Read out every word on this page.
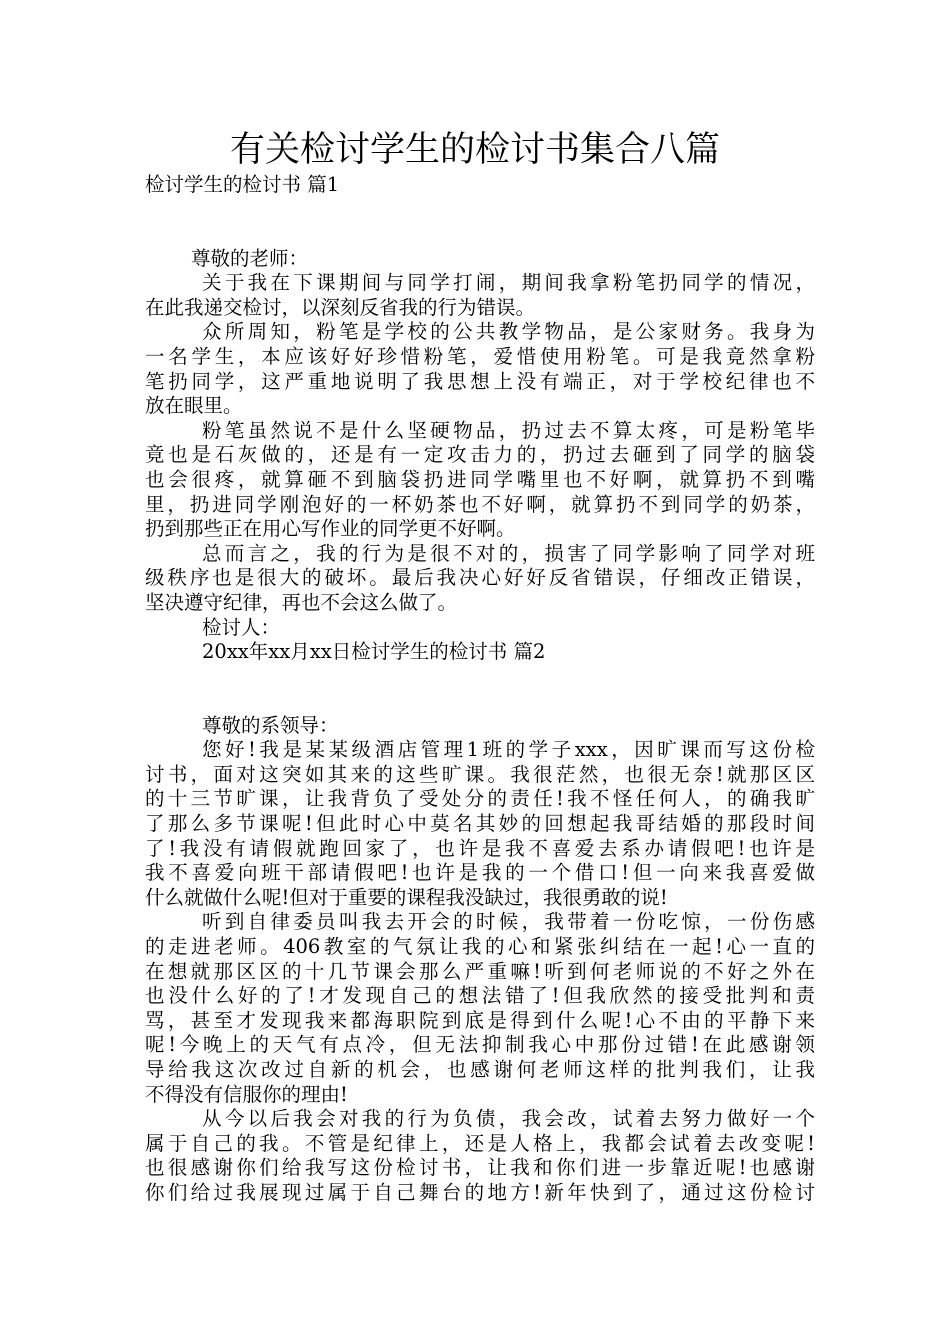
有关检讨学生的检讨书集合八篇
检讨学生的检讨书 篇1
尊敬的老师：
关于我在下课期间与同学打闹，期间我拿粉笔扔同学的情况，
在此我递交检讨，以深刻反省我的行为错误。
众所周知，粉笔是学校的公共教学物品，是公家财务。我身为
一名学生，本应该好好珍惜粉笔，爱惜使用粉笔。可是我竟然拿粉
笔扔同学，这严重地说明了我思想上没有端正，对于学校纪律也不
放在眼里。
粉笔虽然说不是什么坚硬物品，扔过去不算太疼，可是粉笔毕
竟也是石灰做的，还是有一定攻击力的，扔过去砸到了同学的脑袋
也会很疼，就算砸不到脑袋扔进同学嘴里也不好啊，就算扔不到嘴
里，扔进同学刚泡好的一杯奶茶也不好啊，就算扔不到同学的奶茶，
扔到那些正在用心写作业的同学更不好啊。
总而言之，我的行为是很不对的，损害了同学影响了同学对班
级秩序也是很大的破坏。最后我决心好好反省错误，仔细改正错误，
坚决遵守纪律，再也不会这么做了。
检讨人：
20xx年xx月xx日检讨学生的检讨书 篇2
尊敬的系领导：
您好!我是某某级酒店管理1班的学子xxx，因旷课而写这份检
讨书，面对这突如其来的这些旷课。我很茫然，也很无奈!就那区区
的十三节旷课，让我背负了受处分的责任!我不怪任何人，的确我旷
了那么多节课呢!但此时心中莫名其妙的回想起我哥结婚的那段时间
了!我没有请假就跑回家了，也许是我不喜爱去系办请假吧!也许是
我不喜爱向班干部请假吧!也许是我的一个借口!但一向来我喜爱做
什么就做什么呢!但对于重要的课程我没缺过，我很勇敢的说!
听到自律委员叫我去开会的时候，我带着一份吃惊，一份伤感
的走进老师。406教室的气氛让我的心和紧张纠结在一起!心一直的
在想就那区区的十几节课会那么严重嘛!听到何老师说的不好之外在
也没什么好的了!才发现自己的想法错了!但我欣然的接受批判和责
骂，甚至才发现我来都海职院到底是得到什么呢!心不由的平静下来
呢!今晚上的天气有点冷，但无法抑制我心中那份过错!在此感谢领
导给我这次改过自新的机会，也感谢何老师这样的批判我们，让我
不得没有信服你的理由!
从今以后我会对我的行为负债，我会改，试着去努力做好一个
属于自己的我。不管是纪律上，还是人格上，我都会试着去改变呢!
也很感谢你们给我写这份检讨书，让我和你们进一步靠近呢!也感谢
你们给过我展现过属于自己舞台的地方!新年快到了，通过这份检讨
